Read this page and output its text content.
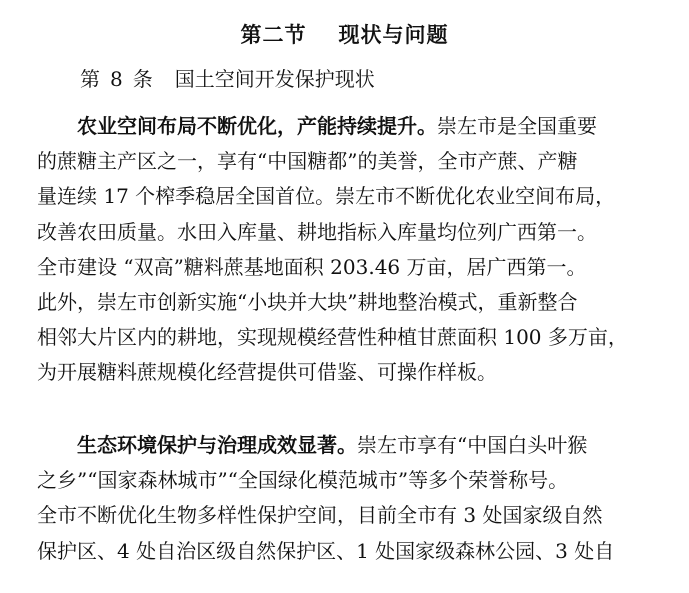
第二节 现状与问题
第 8 条 国土空间开发保护现状
农业空间布局不断优化，产能持续提升。崇左市是全国重要
的蔗糖主产区之一，享有“中国糖都”的美誉，全市产蔗、产糖
量连续 17 个榨季稳居全国首位。崇左市不断优化农业空间布局，
改善农田质量。水田入库量、耕地指标入库量均位列广西第一。
全市建设 “双高”糖料蔗基地面积 203.46 万亩，居广西第一。
此外，崇左市创新实施“小块并大块”耕地整治模式，重新整合
相邻大片区内的耕地，实现规模经营性种植甘蔗面积 100 多万亩，
为开展糖料蔗规模化经营提供可借鉴、可操作样板。
生态环境保护与治理成效显著。崇左市享有“中国白头叶猴
之乡”“国家森林城市”“全国绿化模范城市”等多个荣誉称号。
全市不断优化生物多样性保护空间，目前全市有 3 处国家级自然
保护区、4 处自治区级自然保护区、1 处国家级森林公园、3 处自
